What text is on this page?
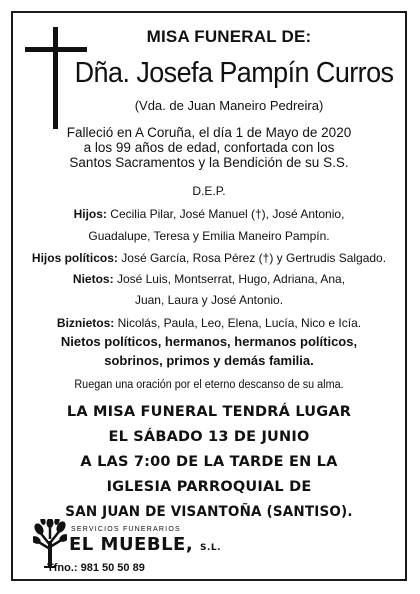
MISA FUNERAL DE:
Dña. Josefa Pampín Curros
(Vda. de Juan Maneiro Pedreira)
Falleció en A Coruña, el día 1 de Mayo de 2020
a los 99 años de edad, confortada con los
Santos Sacramentos y la Bendición de su S.S.
D.E.P.
Hijos: Cecilia Pilar, José Manuel (†), José Antonio,
Guadalupe, Teresa y Emilia Maneiro Pampín.
Hijos políticos: José García, Rosa Pérez (†) y Gertrudis Salgado.
Nietos: José Luis, Montserrat, Hugo, Adriana, Ana,
Juan, Laura y José Antonio.
Biznietos: Nicolás, Paula, Leo, Elena, Lucía, Nico e Icía.
Nietos políticos, hermanos, hermanos políticos,
sobrinos, primos y demás familia.
Ruegan una oración por el eterno descanso de su alma.
LA MISA FUNERAL TENDRÁ LUGAR
EL SÁBADO 13 DE JUNIO
A LAS 7:00 DE LA TARDE EN LA
IGLESIA PARROQUIAL DE
SAN JUAN DE VISANTOÑA (SANTISO).
SERVICIOS FUNERARIOS
EL MUEBLE, S.L.
Tfno.: 981 50 50 89
